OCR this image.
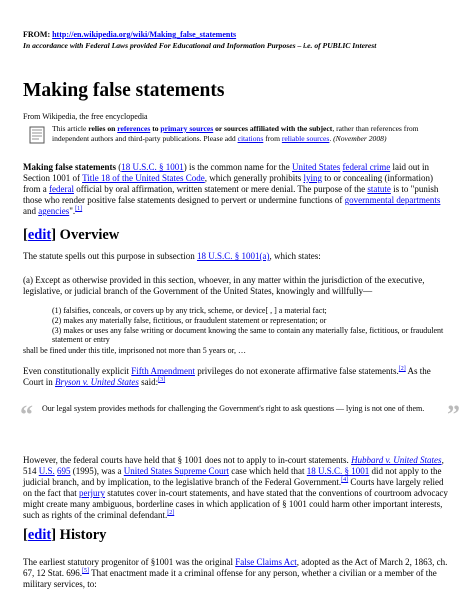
FROM: http://en.wikipedia.org/wiki/Making_false_statements
In accordance with Federal Laws provided For Educational and Information Purposes – i.e. of PUBLIC Interest
Making false statements
From Wikipedia, the free encyclopedia
This article relies on references to primary sources or sources affiliated with the subject, rather than references from independent authors and third-party publications. Please add citations from reliable sources. (November 2008)
Making false statements (18 U.S.C. § 1001) is the common name for the United States federal crime laid out in Section 1001 of Title 18 of the United States Code, which generally prohibits lying to or concealing (information) from a federal official by oral affirmation, written statement or mere denial. The purpose of the statute is to "punish those who render positive false statements designed to pervert or undermine functions of governmental departments and agencies".[1]
[edit] Overview
The statute spells out this purpose in subsection 18 U.S.C. § 1001(a), which states:
(a) Except as otherwise provided in this section, whoever, in any matter within the jurisdiction of the executive, legislative, or judicial branch of the Government of the United States, knowingly and willfully—
(1) falsifies, conceals, or covers up by any trick, scheme, or device[ , ] a material fact;
(2) makes any materially false, fictitious, or fraudulent statement or representation; or
(3) makes or uses any false writing or document knowing the same to contain any materially false, fictitious, or fraudulent statement or entry
shall be fined under this title, imprisoned not more than 5 years or, …
Even constitutionally explicit Fifth Amendment privileges do not exonerate affirmative false statements.[2] As the Court in Bryson v. United States said:[3]
“ Our legal system provides methods for challenging the Government's right to ask questions — lying is not one of them. ”
However, the federal courts have held that § 1001 does not to apply to in-court statements. Hubbard v. United States, 514 U.S. 695 (1995), was a United States Supreme Court case which held that 18 U.S.C. § 1001 did not apply to the judicial branch, and by implication, to the legislative branch of the Federal Government.[4] Courts have largely relied on the fact that perjury statutes cover in-court statements, and have stated that the conventions of courtroom advocacy might create many ambiguous, borderline cases in which application of § 1001 could harm other important interests, such as rights of the criminal defendant.[2]
[edit] History
The earliest statutory progenitor of §1001 was the original False Claims Act, adopted as the Act of March 2, 1863, ch. 67, 12 Stat. 696.[5] That enactment made it a criminal offense for any person, whether a civilian or a member of the military services, to:
